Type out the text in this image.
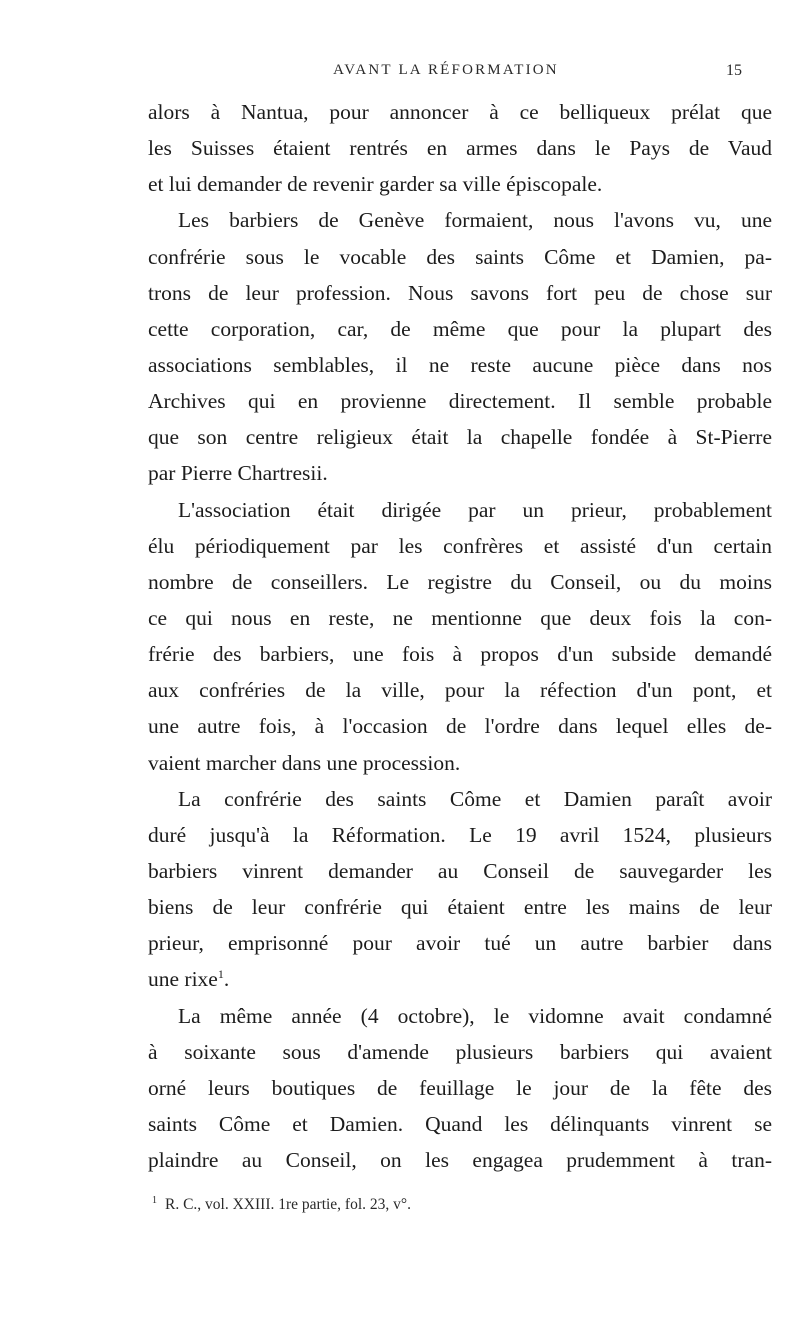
AVANT LA RÉFORMATION	15
alors à Nantua, pour annoncer à ce belliqueux prélat que
les Suisses étaient rentrés en armes dans le Pays de Vaud
et lui demander de revenir garder sa ville épiscopale.
Les barbiers de Genève formaient, nous l'avons vu, une
confrérie sous le vocable des saints Côme et Damien, pa-
trons de leur profession. Nous savons fort peu de chose sur
cette corporation, car, de même que pour la plupart des
associations semblables, il ne reste aucune pièce dans nos
Archives qui en provienne directement. Il semble probable
que son centre religieux était la chapelle fondée à St-Pierre
par Pierre Chartresii.
L'association était dirigée par un prieur, probablement
élu périodiquement par les confrères et assisté d'un certain
nombre de conseillers. Le registre du Conseil, ou du moins
ce qui nous en reste, ne mentionne que deux fois la con-
frérie des barbiers, une fois à propos d'un subside demandé
aux confréries de la ville, pour la réfection d'un pont, et
une autre fois, à l'occasion de l'ordre dans lequel elles de-
vaient marcher dans une procession.
La confrérie des saints Côme et Damien paraît avoir
duré jusqu'à la Réformation. Le 19 avril 1524, plusieurs
barbiers vinrent demander au Conseil de sauvegarder les
biens de leur confrérie qui étaient entre les mains de leur
prieur, emprisonné pour avoir tué un autre barbier dans
une rixe$^1$.
La même année (4 octobre), le vidomne avait condamné
à soixante sous d'amende plusieurs barbiers qui avaient
orné leurs boutiques de feuillage le jour de la fête des
saints Côme et Damien. Quand les délinquants vinrent se
plaindre au Conseil, on les engagea prudemment à tran-
$^1$ R. C., vol. XXIII. 1re partie, fol. 23, v°.
